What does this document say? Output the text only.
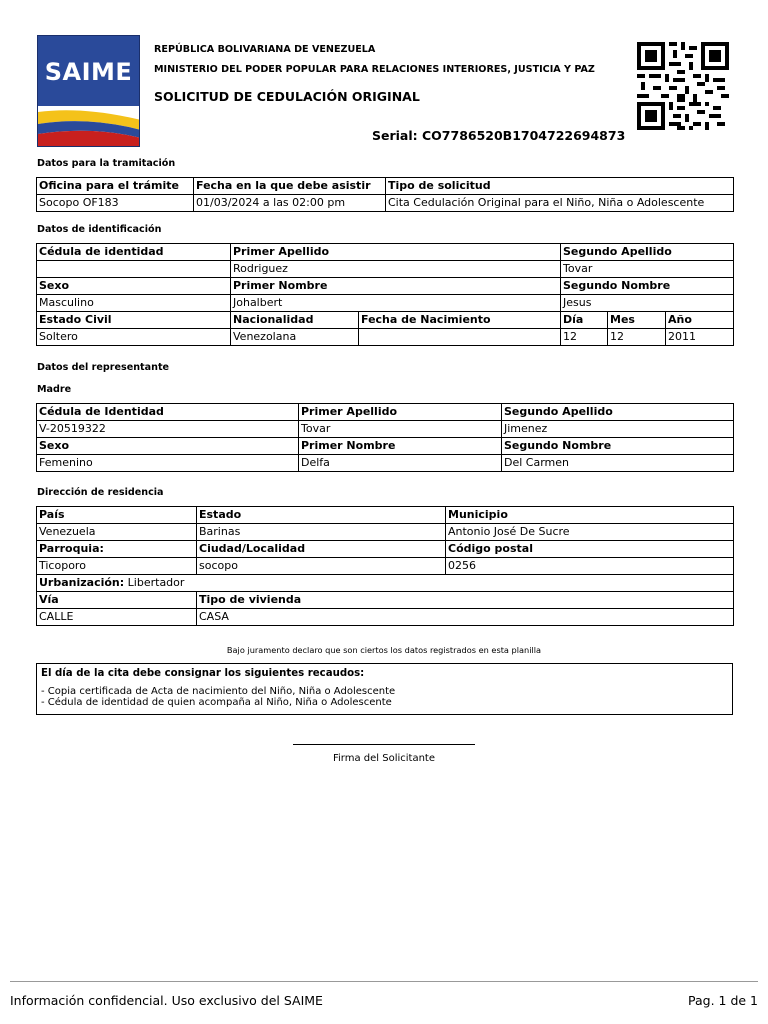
SAIME
REPÚBLICA BOLIVARIANA DE VENEZUELA
MINISTERIO DEL PODER POPULAR PARA RELACIONES INTERIORES, JUSTICIA Y PAZ
SOLICITUD DE CEDULACIÓN ORIGINAL
Serial: CO7786520B1704722694873
Datos para la tramitación
Oficina para el trámite	Fecha en la que debe asistir	Tipo de solicitud
Socopo OF183	01/03/2024 a las 02:00 pm	Cita Cedulación Original para el Niño, Niña o Adolescente
Datos de identificación
Cédula de identidad	Primer Apellido		Segundo Apellido		
	Rodriguez		Tovar		
Sexo	Primer Nombre		Segundo Nombre		
Masculino	Johalbert		Jesus		
Estado Civil	Nacionalidad	Fecha de Nacimiento	Día	Mes	Año
Soltero	Venezolana		12	12	2011
Datos del representante
Madre
Cédula de Identidad	Primer Apellido	Segundo Apellido
V-20519322	Tovar	Jimenez
Sexo	Primer Nombre	Segundo Nombre
Femenino	Delfa	Del Carmen
Dirección de residencia
País	Estado	Municipio
Venezuela	Barinas	Antonio José De Sucre
Parroquia:	Ciudad/Localidad	Código postal
Ticoporo	socopo	0256
Urbanización: Libertador		
Vía	Tipo de vivienda	
CALLE	CASA	
Bajo juramento declaro que son ciertos los datos registrados en esta planilla
El día de la cita debe consignar los siguientes recaudos:
- Copia certificada de Acta de nacimiento del Niño, Niña o Adolescente
- Cédula de identidad de quien acompaña al Niño, Niña o Adolescente
Firma del Solicitante
Información confidencial. Uso exclusivo del SAIME	Pag. 1 de 1
